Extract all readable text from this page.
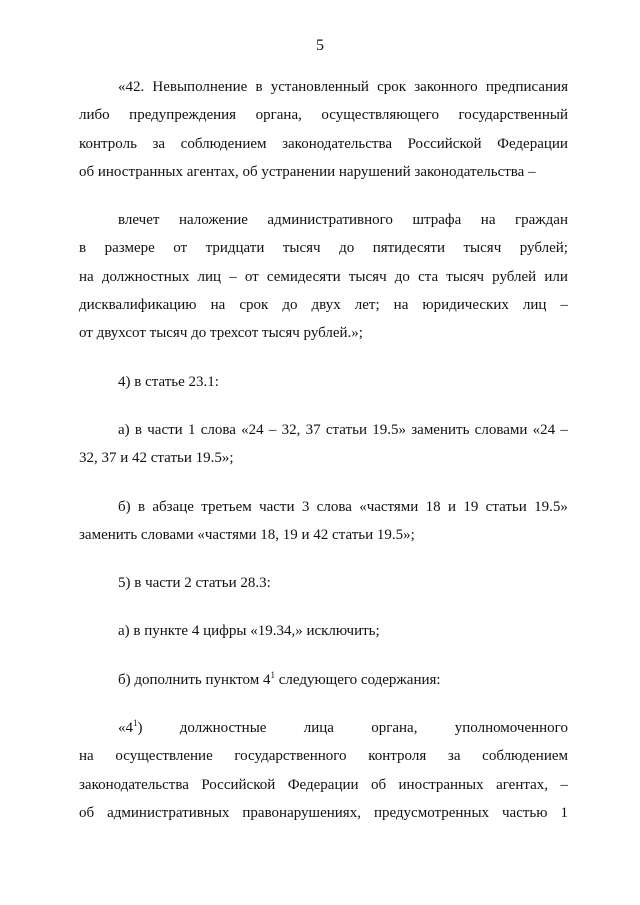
5
«42. Невыполнение в установленный срок законного предписания
либо предупреждения органа, осуществляющего государственный
контроль за соблюдением законодательства Российской Федерации
об иностранных агентах, об устранении нарушений законодательства –
влечет наложение административного штрафа на граждан
в размере от тридцати тысяч до пятидесяти тысяч рублей;
на должностных лиц – от семидесяти тысяч до ста тысяч рублей или
дисквалификацию на срок до двух лет; на юридических лиц –
от двухсот тысяч до трехсот тысяч рублей.»;
4) в статье 23.1:
а) в части 1 слова «24 – 32, 37 статьи 19.5» заменить словами «24 –
32, 37 и 42 статьи 19.5»;
б) в абзаце третьем части 3 слова «частями 18 и 19 статьи 19.5»
заменить словами «частями 18, 19 и 42 статьи 19.5»;
5) в части 2 статьи 28.3:
а) в пункте 4 цифры «19.34,» исключить;
б) дополнить пунктом $4^1$ следующего содержания:
«$4^1$) должностные лица органа, уполномоченного
на осуществление государственного контроля за соблюдением
законодательства Российской Федерации об иностранных агентах, –
об административных правонарушениях, предусмотренных частью 1
